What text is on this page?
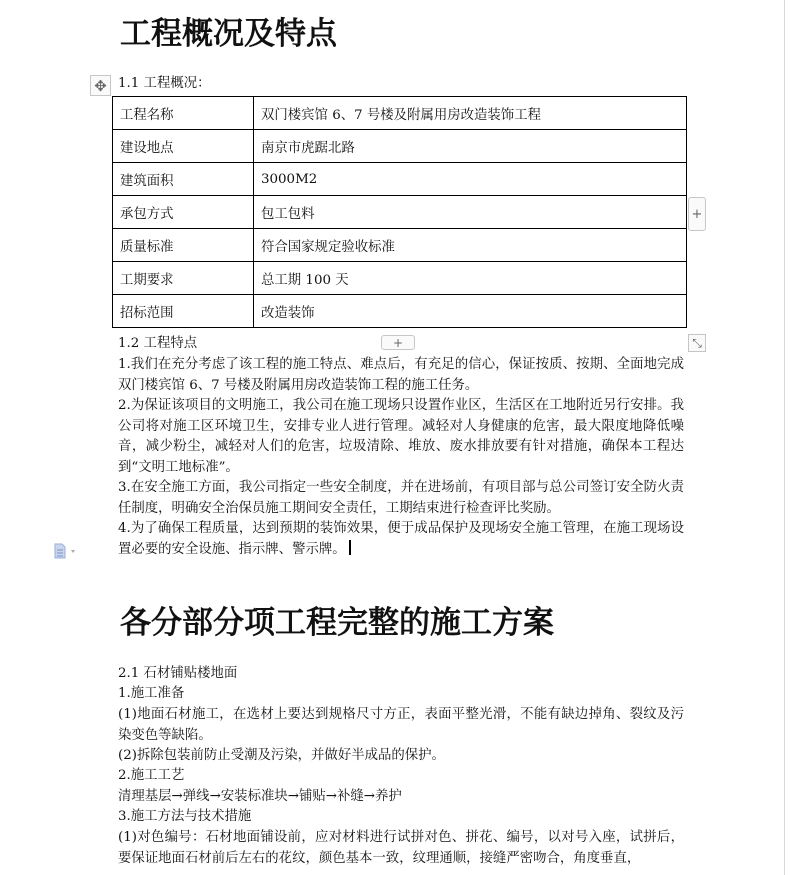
工程概况及特点
✥ 1.1 工程概况：

工程名称	双门楼宾馆 6、7 号楼及附属用房改造装饰工程
建设地点	南京市虎踞北路
建筑面积	3000M2
承包方式	包工包料
质量标准	符合国家规定验收标准
工期要求	总工期 100 天
招标范围	改造装饰
+
+	⤡

1.2 工程特点

1.我们在充分考虑了该工程的施工特点、难点后，有充足的信心，保证按质、按期、全面地完成双门楼宾馆 6、7 号楼及附属用房改造装饰工程的施工任务。

2.为保证该项目的文明施工，我公司在施工现场只设置作业区，生活区在工地附近另行安排。我公司将对施工区环境卫生，安排专业人进行管理。减轻对人身健康的危害，最大限度地降低噪音，减少粉尘，减轻对人们的危害，垃圾清除、堆放、废水排放要有针对措施，确保本工程达到“文明工地标准”。

3.在安全施工方面，我公司指定一些安全制度，并在进场前，有项目部与总公司签订安全防火责任制度，明确安全治保员施工期间安全责任，工期结束进行检查评比奖励。

4.为了确保工程质量，达到预期的装饰效果，便于成品保护及现场安全施工管理，在施工现场设置必要的安全设施、指示牌、警示牌。

各分部分项工程完整的施工方案

2.1 石材铺贴楼地面

1.施工准备

(1)地面石材施工，在选材上要达到规格尺寸方正，表面平整光滑，不能有缺边掉角、裂纹及污染变色等缺陷。

(2)拆除包装前防止受潮及污染，并做好半成品的保护。

2.施工工艺

清理基层→弹线→安装标准块→铺贴→补缝→养护

3.施工方法与技术措施

(1)对色编号：石材地面铺设前，应对材料进行试拼对色、拼花、编号，以对号入座，试拼后，要保证地面石材前后左右的花纹，颜色基本一致，纹理通顺，接缝严密吻合，角度垂直，
